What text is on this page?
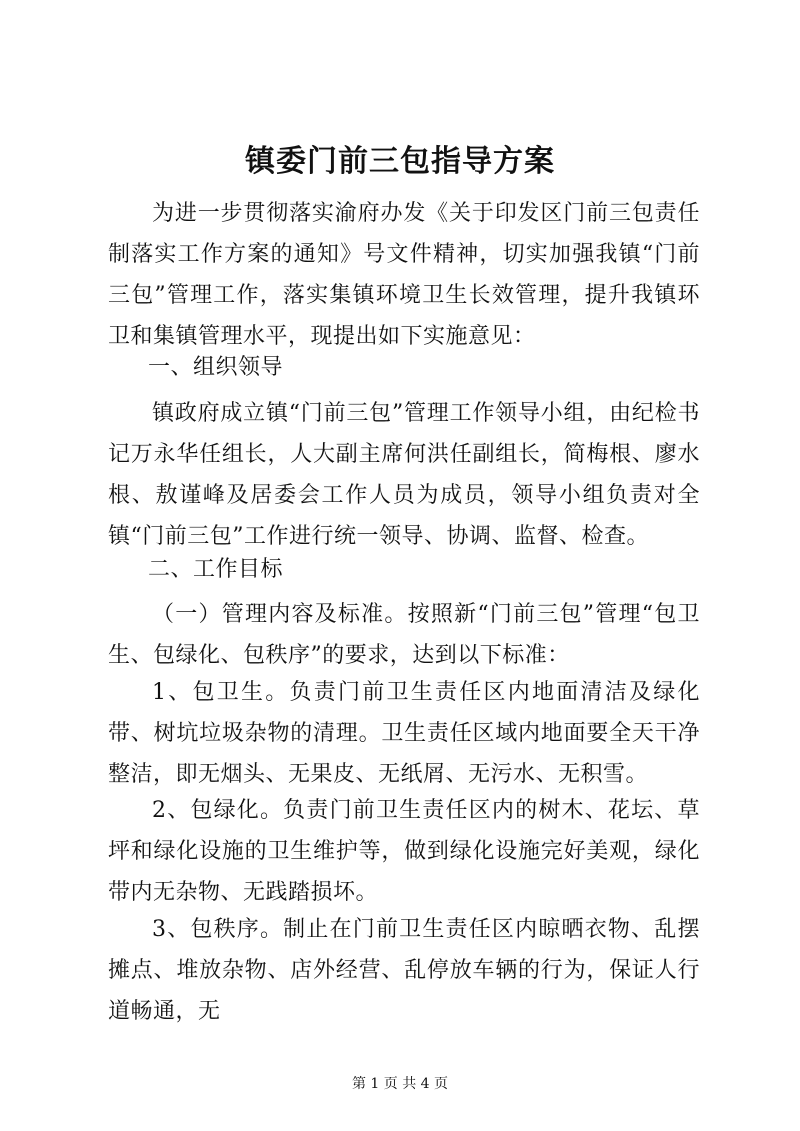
镇委门前三包指导方案

为进一步贯彻落实渝府办发《关于印发区门前三包责任制落实工作方案的通知》号文件精神，切实加强我镇“门前三包”管理工作，落实集镇环境卫生长效管理，提升我镇环卫和集镇管理水平，现提出如下实施意见：

一、组织领导

镇政府成立镇“门前三包”管理工作领导小组，由纪检书记万永华任组长，人大副主席何洪任副组长，简梅根、廖水根、敖谨峰及居委会工作人员为成员，领导小组负责对全镇“门前三包”工作进行统一领导、协调、监督、检查。

二、工作目标

（一）管理内容及标准。按照新“门前三包”管理“包卫生、包绿化、包秩序”的要求，达到以下标准：

1、包卫生。负责门前卫生责任区内地面清洁及绿化带、树坑垃圾杂物的清理。卫生责任区域内地面要全天干净整洁，即无烟头、无果皮、无纸屑、无污水、无积雪。

2、包绿化。负责门前卫生责任区内的树木、花坛、草坪和绿化设施的卫生维护等，做到绿化设施完好美观，绿化带内无杂物、无践踏损坏。

3、包秩序。制止在门前卫生责任区内晾晒衣物、乱摆摊点、堆放杂物、店外经营、乱停放车辆的行为，保证人行道畅通，无

第 1 页 共 4 页
